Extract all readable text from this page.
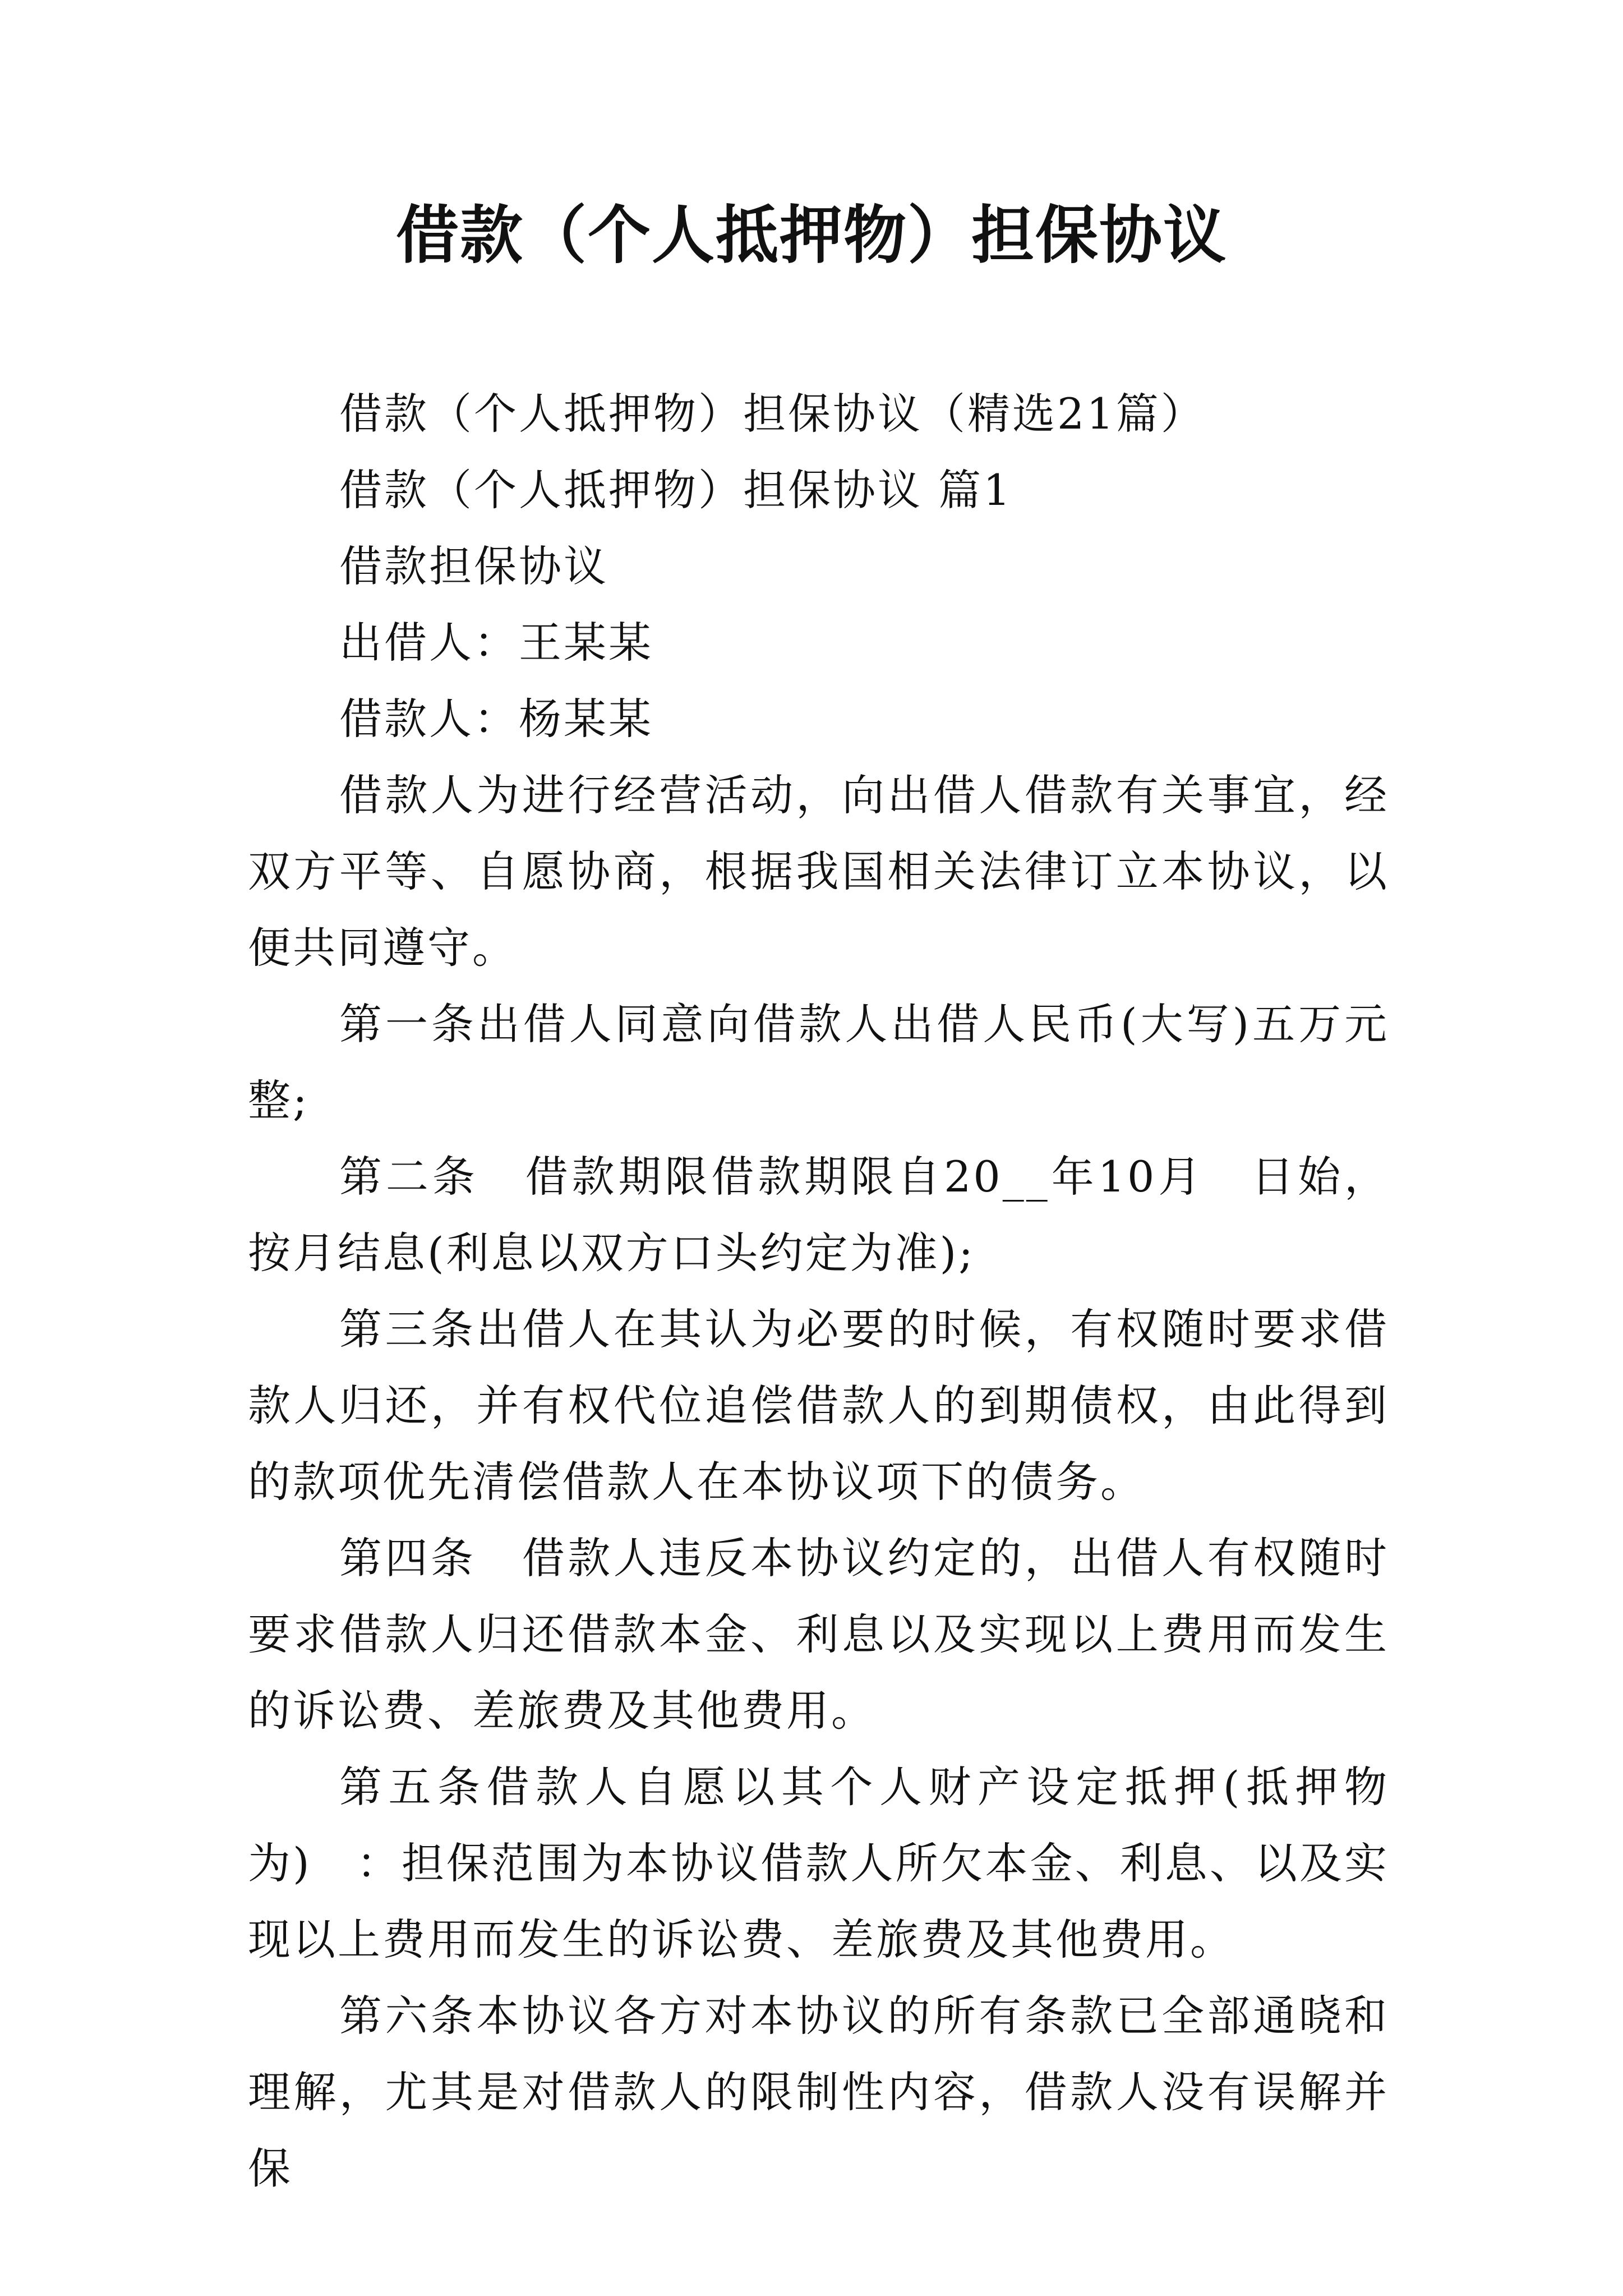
借款（个人抵押物）担保协议

借款（个人抵押物）担保协议（精选21篇）

借款（个人抵押物）担保协议 篇1

借款担保协议

出借人：王某某

借款人：杨某某

借款人为进行经营活动，向出借人借款有关事宜，经双方平等、自愿协商，根据我国相关法律订立本协议，以便共同遵守。

第一条出借人同意向借款人出借人民币(大写)五万元整;

第二条　借款期限借款期限自20__年10月　日始，按月结息(利息以双方口头约定为准);

第三条出借人在其认为必要的时候，有权随时要求借款人归还，并有权代位追偿借款人的到期债权，由此得到的款项优先清偿借款人在本协议项下的债务。

第四条　借款人违反本协议约定的，出借人有权随时要求借款人归还借款本金、利息以及实现以上费用而发生的诉讼费、差旅费及其他费用。

第五条借款人自愿以其个人财产设定抵押(抵押物为)　：担保范围为本协议借款人所欠本金、利息、以及实现以上费用而发生的诉讼费、差旅费及其他费用。

第六条本协议各方对本协议的所有条款已全部通晓和理解，尤其是对借款人的限制性内容，借款人没有误解并保
